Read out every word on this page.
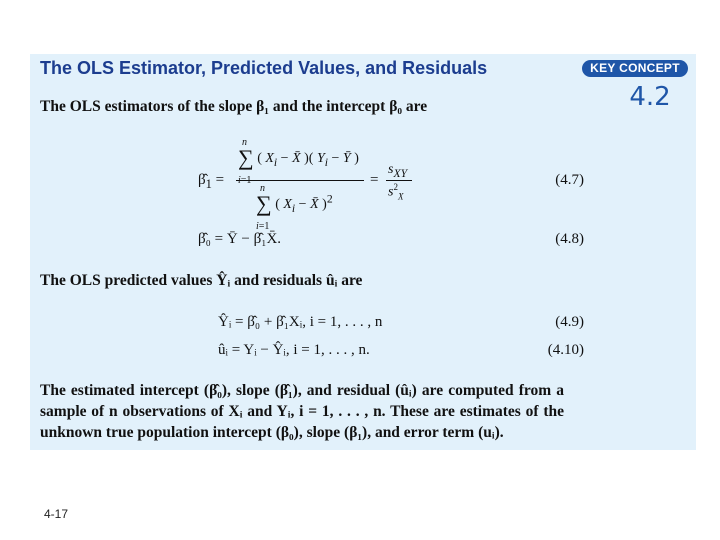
The OLS Estimator, Predicted Values, and Residuals	KEY CONCEPT
4.2
The OLS estimators of the slope β₁ and the intercept β₀ are
$\betâ_1$ =
n
∑
( $X_i$ − X̄ )( $Y_i$ − Ȳ )
n
∑
i=1
( $X_i$ − X̄ )$^2$
=
$s_{XY}$
$s^2_X$
(4.7)
β̂₀ = Ȳ − β̂₁X̄.	(4.8)
The OLS predicted values Ŷᵢ and residuals ûᵢ are
Ŷᵢ = β̂₀ + β̂₁Xᵢ, i = 1, . . . , n	(4.9)
ûᵢ = Yᵢ − Ŷᵢ, i = 1, . . . , n.	(4.10)
The estimated intercept (β̂₀), slope (β̂₁), and residual (ûᵢ) are computed from a sample of n observations of Xᵢ and Yᵢ, i = 1, . . . , n. These are estimates of the unknown true population intercept (β₀), slope (β₁), and error term (uᵢ).
4-17
